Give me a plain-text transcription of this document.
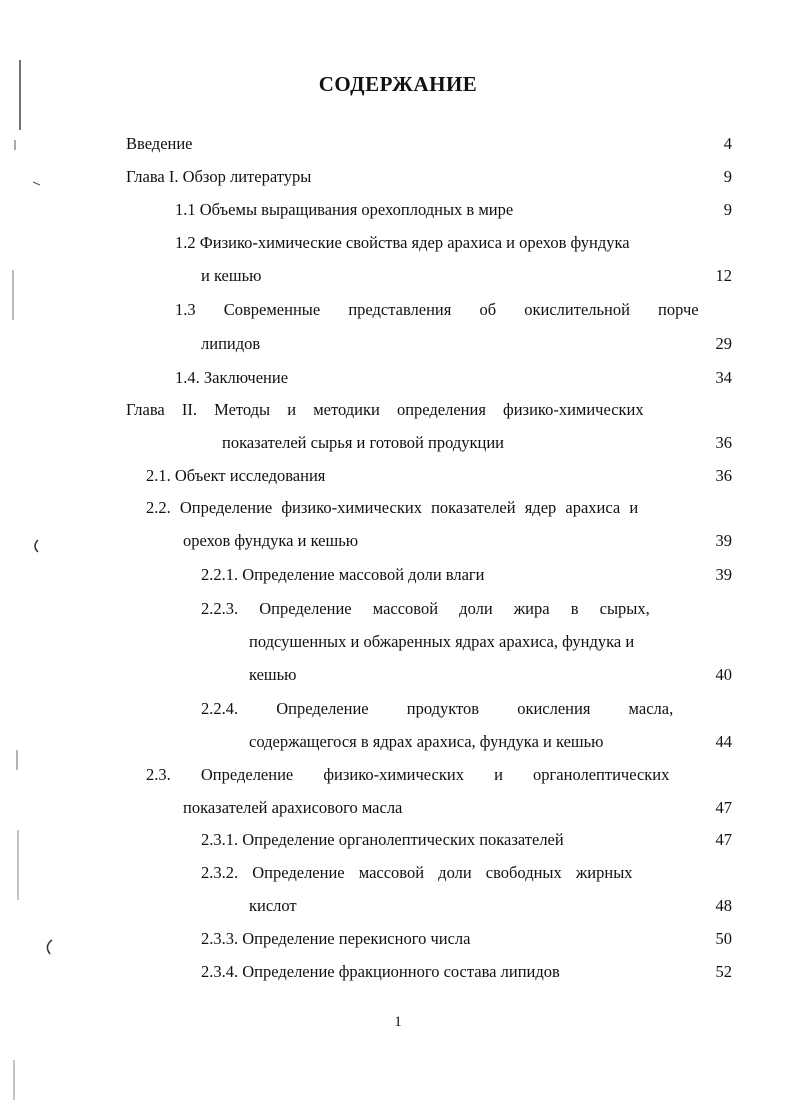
СОДЕРЖАНИЕ
Введение	4
Глава I. Обзор литературы	9
1.1 Объемы выращивания орехоплодных в мире	9
1.2 Физико-химические свойства ядер арахиса и орехов фундука
и кешью	12
1.3 Современные представления об окислительной порче
липидов	29
1.4. Заключение	34
Глава II. Методы и методики определения физико-химических
показателей сырья и готовой продукции	36
2.1. Объект исследования	36
2.2. Определение физико-химических показателей ядер арахиса и
орехов фундука и кешью	39
2.2.1. Определение массовой доли влаги	39
2.2.3. Определение массовой доли жира в сырых,
подсушенных и обжаренных ядрах арахиса, фундука и
кешью	40
2.2.4. Определение продуктов окисления масла,
содержащегося в ядрах арахиса, фундука и кешью	44
2.3. Определение физико-химических и органолептических
показателей арахисового масла	47
2.3.1. Определение органолептических показателей	47
2.3.2. Определение массовой доли свободных жирных
кислот	48
2.3.3. Определение перекисного числа	50
2.3.4. Определение фракционного состава липидов	52
1
